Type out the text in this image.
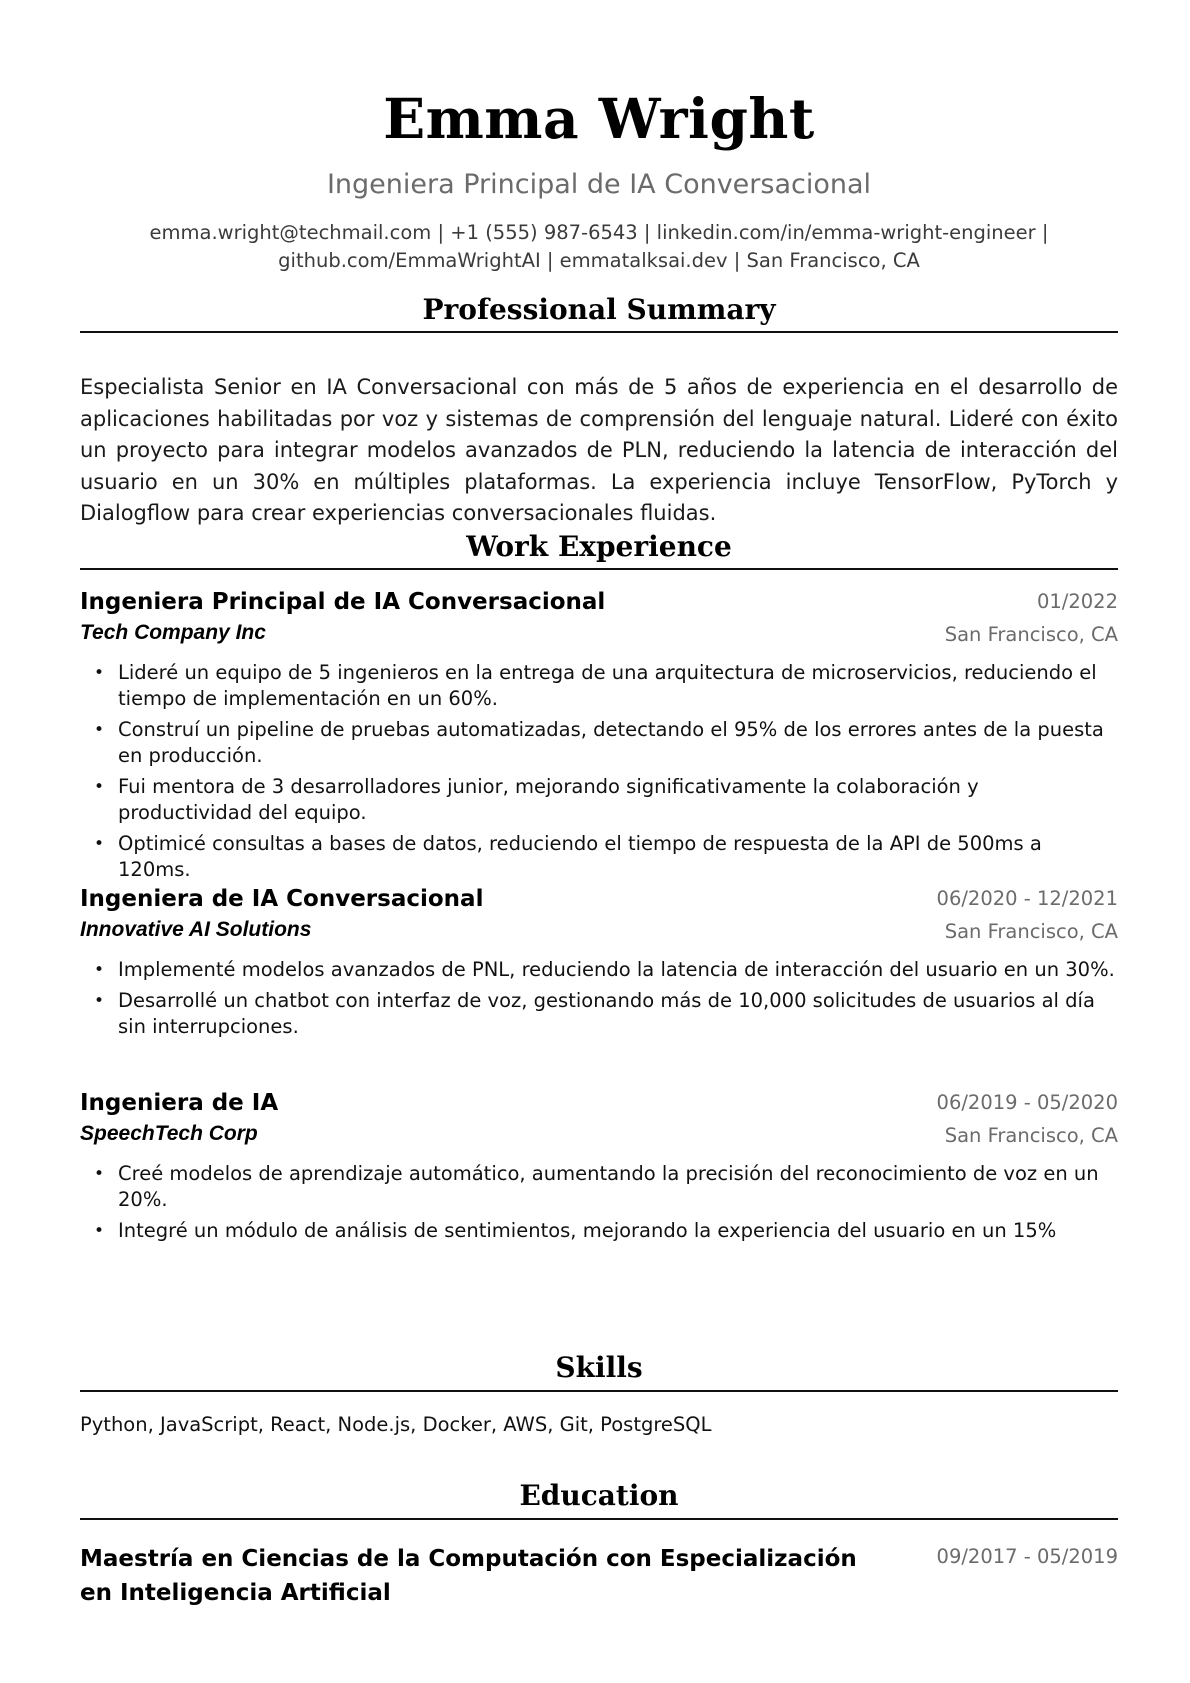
Emma Wright
Ingeniera Principal de IA Conversacional
emma.wright@techmail.com | +1 (555) 987-6543 | linkedin.com/in/emma-wright-engineer |
github.com/EmmaWrightAI | emmatalksai.dev | San Francisco, CA
Professional Summary
Especialista Senior en IA Conversacional con más de 5 años de experiencia en el desarrollo de aplicaciones habilitadas por voz y sistemas de comprensión del lenguaje natural. Lideré con éxito un proyecto para integrar modelos avanzados de PLN, reduciendo la latencia de interacción del usuario en un 30% en múltiples plataformas. La experiencia incluye TensorFlow, PyTorch y Dialogflow para crear experiencias conversacionales fluidas.
Work Experience
Ingeniera Principal de IA Conversacional	01/2022
Tech Company Inc	San Francisco, CA
• Lideré un equipo de 5 ingenieros en la entrega de una arquitectura de microservicios, reduciendo el tiempo de implementación en un 60%.
• Construí un pipeline de pruebas automatizadas, detectando el 95% de los errores antes de la puesta en producción.
• Fui mentora de 3 desarrolladores junior, mejorando significativamente la colaboración y productividad del equipo.
• Optimicé consultas a bases de datos, reduciendo el tiempo de respuesta de la API de 500ms a 120ms.
Ingeniera de IA Conversacional	06/2020 - 12/2021
Innovative AI Solutions	San Francisco, CA
• Implementé modelos avanzados de PNL, reduciendo la latencia de interacción del usuario en un 30%.
• Desarrollé un chatbot con interfaz de voz, gestionando más de 10,000 solicitudes de usuarios al día sin interrupciones.
Ingeniera de IA	06/2019 - 05/2020
SpeechTech Corp	San Francisco, CA
• Creé modelos de aprendizaje automático, aumentando la precisión del reconocimiento de voz en un 20%.
• Integré un módulo de análisis de sentimientos, mejorando la experiencia del usuario en un 15%
Skills
Python, JavaScript, React, Node.js, Docker, AWS, Git, PostgreSQL
Education
Maestría en Ciencias de la Computación con Especialización en Inteligencia Artificial
09/2017 - 05/2019
